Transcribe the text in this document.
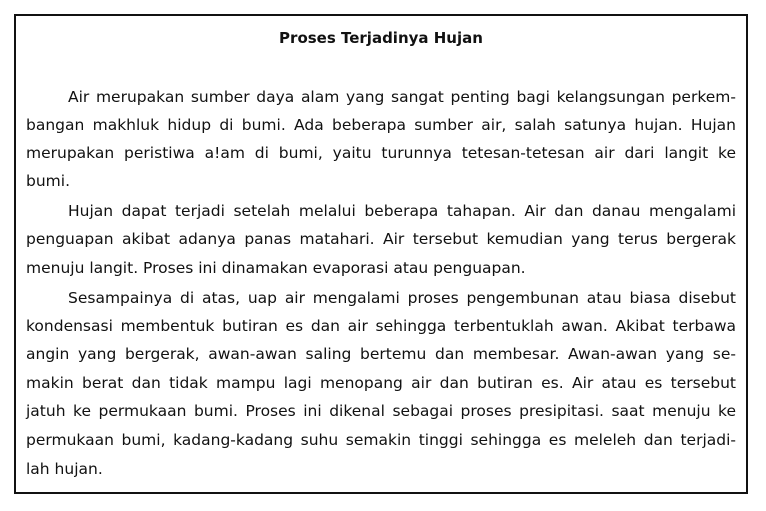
Proses Terjadinya Hujan
Air merupakan sumber daya alam yang sangat penting bagi kelangsungan perkem-
bangan makhluk hidup di bumi. Ada beberapa sumber air, salah satunya hujan. Hujan
merupakan peristiwa a!am di bumi, yaitu turunnya tetesan-tetesan air dari langit ke
bumi.
Hujan dapat terjadi setelah melalui beberapa tahapan. Air dan danau mengalami
penguapan akibat adanya panas matahari. Air tersebut kemudian yang terus bergerak
menuju langit. Proses ini dinamakan evaporasi atau penguapan.
Sesampainya di atas, uap air mengalami proses pengembunan atau biasa disebut
kondensasi membentuk butiran es dan air sehingga terbentuklah awan. Akibat terbawa
angin yang bergerak, awan-awan saling bertemu dan membesar. Awan-awan yang se-
makin berat dan tidak mampu lagi menopang air dan butiran es. Air atau es tersebut
jatuh ke permukaan bumi. Proses ini dikenal sebagai proses presipitasi. saat menuju ke
permukaan bumi, kadang-kadang suhu semakin tinggi sehingga es meleleh dan terjadi-
lah hujan.
